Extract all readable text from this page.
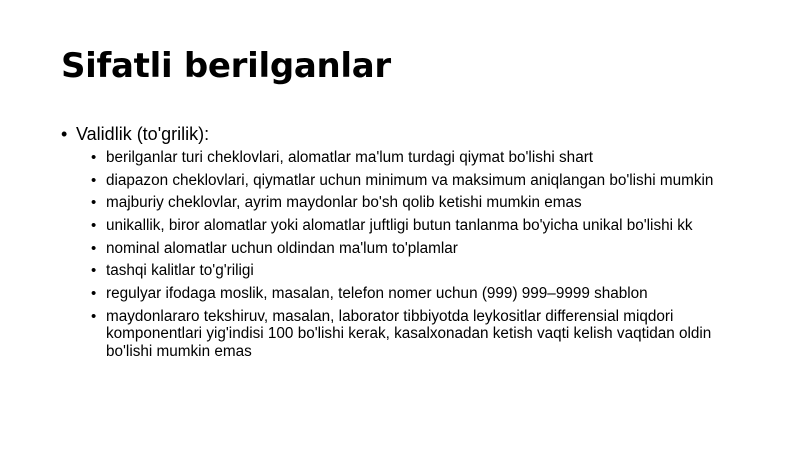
Sifatli berilganlar
• Validlik (to'grilik):
• berilganlar turi cheklovlari, alomatlar ma'lum turdagi qiymat bo'lishi shart
• diapazon cheklovlari, qiymatlar uchun minimum va maksimum aniqlangan bo'lishi mumkin
• majburiy cheklovlar, ayrim maydonlar bo'sh qolib ketishi mumkin emas
• unikallik, biror alomatlar yoki alomatlar juftligi butun tanlanma bo'yicha unikal bo'lishi kk
• nominal alomatlar uchun oldindan ma'lum to'plamlar
• tashqi kalitlar to'g'riligi
• regulyar ifodaga moslik, masalan, telefon nomer uchun (999) 999–9999 shablon
• maydonlararo tekshiruv, masalan, laborator tibbiyotda leykositlar differensial miqdori komponentlari yig'indisi 100 bo'lishi kerak, kasalxonadan ketish vaqti kelish vaqtidan oldin bo'lishi mumkin emas
